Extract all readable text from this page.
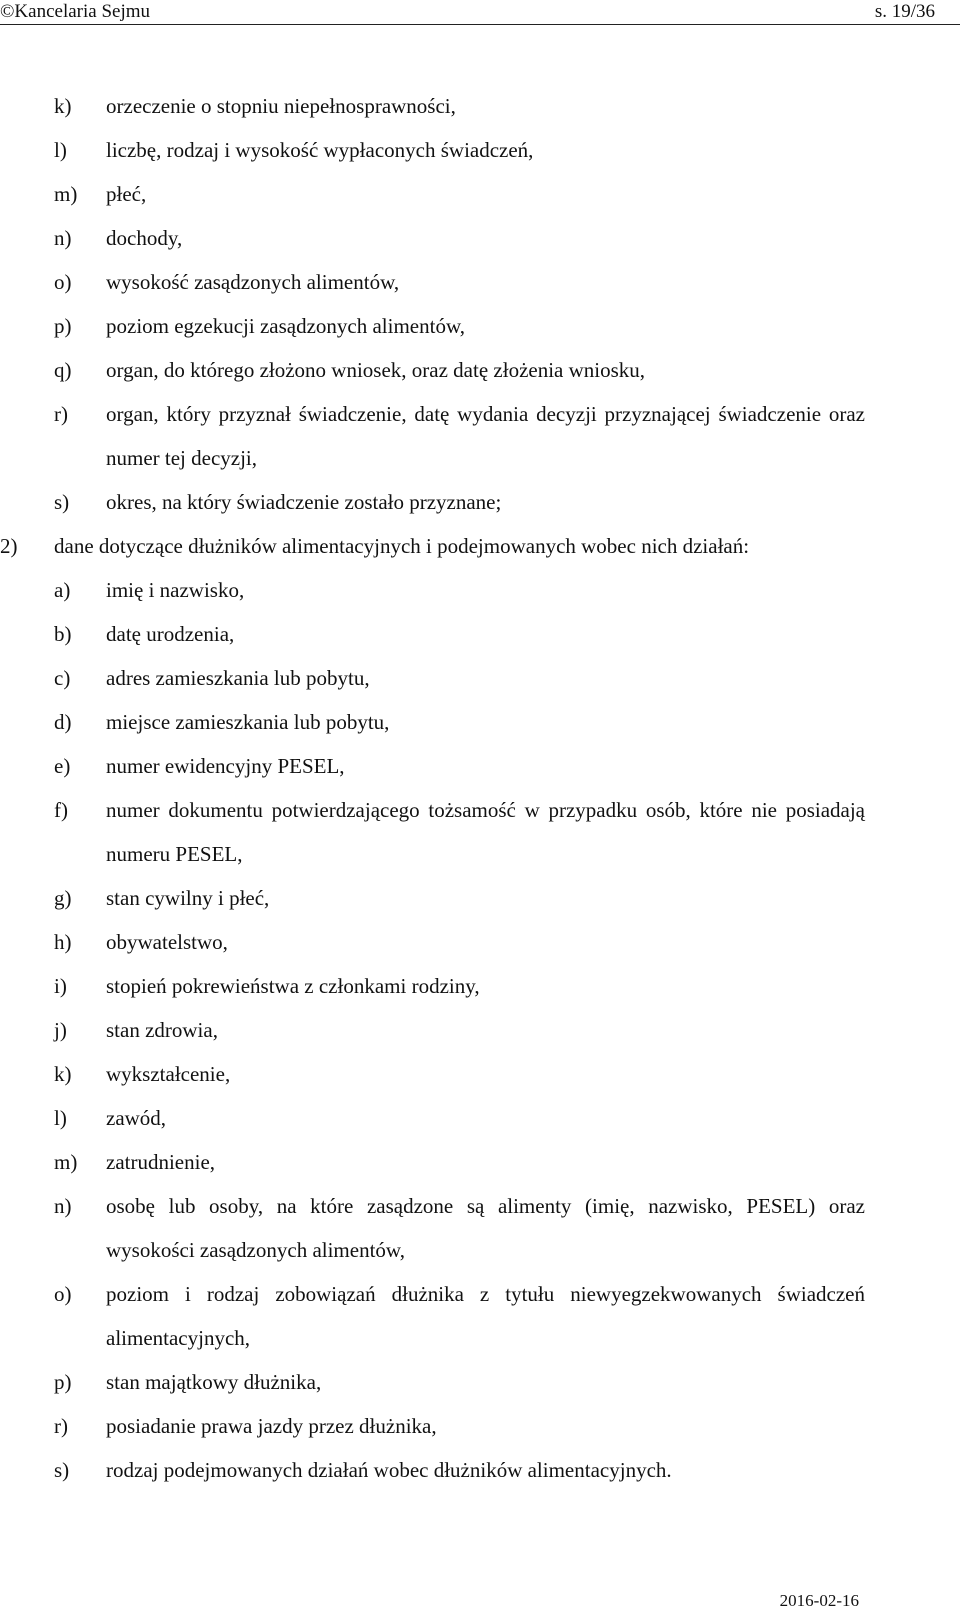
©Kancelaria Sejmu	s. 19/36
k) orzeczenie o stopniu niepełnosprawności,
l) liczbę, rodzaj i wysokość wypłaconych świadczeń,
m) płeć,
n) dochody,
o) wysokość zasądzonych alimentów,
p) poziom egzekucji zasądzonych alimentów,
q) organ, do którego złożono wniosek, oraz datę złożenia wniosku,
r) organ, który przyznał świadczenie, datę wydania decyzji przyznającej świadczenie oraz numer tej decyzji,
s) okres, na który świadczenie zostało przyznane;
2) dane dotyczące dłużników alimentacyjnych i podejmowanych wobec nich działań:
a) imię i nazwisko,
b) datę urodzenia,
c) adres zamieszkania lub pobytu,
d) miejsce zamieszkania lub pobytu,
e) numer ewidencyjny PESEL,
f) numer dokumentu potwierdzającego tożsamość w przypadku osób, które nie posiadają numeru PESEL,
g) stan cywilny i płeć,
h) obywatelstwo,
i) stopień pokrewieństwa z członkami rodziny,
j) stan zdrowia,
k) wykształcenie,
l) zawód,
m) zatrudnienie,
n) osobę lub osoby, na które zasądzone są alimenty (imię, nazwisko, PESEL) oraz wysokości zasądzonych alimentów,
o) poziom i rodzaj zobowiązań dłużnika z tytułu niewyegzekwowanych świadczeń alimentacyjnych,
p) stan majątkowy dłużnika,
r) posiadanie prawa jazdy przez dłużnika,
s) rodzaj podejmowanych działań wobec dłużników alimentacyjnych.
2016-02-16
